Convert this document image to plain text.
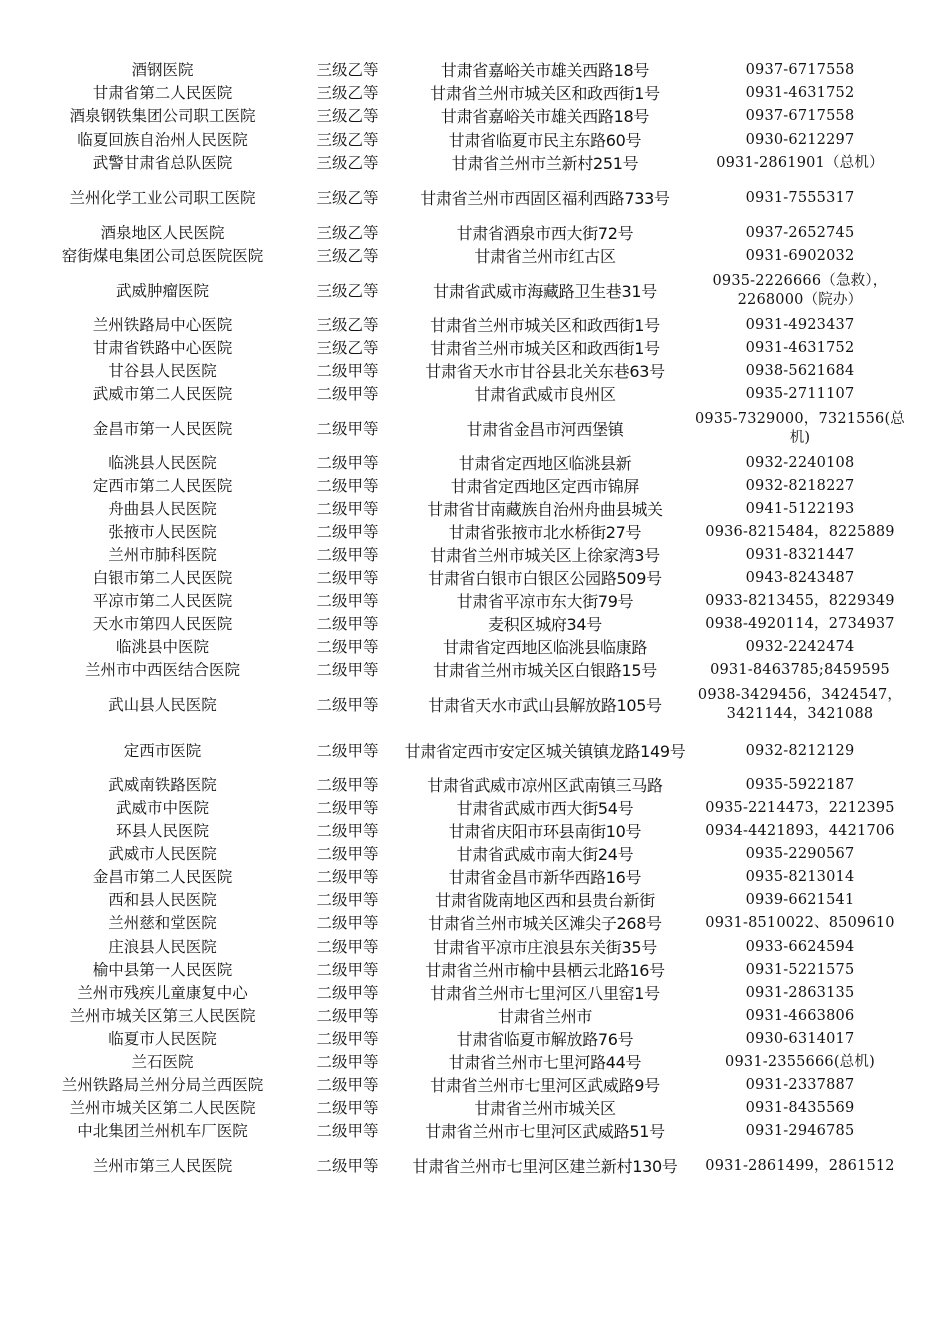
酒钢医院	三级乙等	甘肃省嘉峪关市雄关西路18号	0937-6717558
甘肃省第二人民医院	三级乙等	甘肃省兰州市城关区和政西街1号	0931-4631752
酒泉钢铁集团公司职工医院	三级乙等	甘肃省嘉峪关市雄关西路18号	0937-6717558
临夏回族自治州人民医院	三级乙等	甘肃省临夏市民主东路60号	0930-6212297
武警甘肃省总队医院	三级乙等	甘肃省兰州市兰新村251号	0931-2861901（总机）
兰州化学工业公司职工医院	三级乙等	甘肃省兰州市西固区福利西路733号	0931-7555317
酒泉地区人民医院	三级乙等	甘肃省酒泉市西大街72号	0937-2652745
窑街煤电集团公司总医院医院	三级乙等	甘肃省兰州市红古区	0931-6902032
武威肿瘤医院	三级乙等	甘肃省武威市海藏路卫生巷31号	0935-2226666（急救），2268000（院办）
兰州铁路局中心医院	三级乙等	甘肃省兰州市城关区和政西街1号	0931-4923437
甘肃省铁路中心医院	三级乙等	甘肃省兰州市城关区和政西街1号	0931-4631752
甘谷县人民医院	二级甲等	甘肃省天水市甘谷县北关东巷63号	0938-5621684
武威市第二人民医院	二级甲等	甘肃省武威市良州区	0935-2711107
金昌市第一人民医院	二级甲等	甘肃省金昌市河西堡镇	0935-7329000，7321556(总机)
临洮县人民医院	二级甲等	甘肃省定西地区临洮县新	0932-2240108
定西市第二人民医院	二级甲等	甘肃省定西地区定西市锦屏	0932-8218227
舟曲县人民医院	二级甲等	甘肃省甘南藏族自治州舟曲县城关	0941-5122193
张掖市人民医院	二级甲等	甘肃省张掖市北水桥街27号	0936-8215484，8225889
兰州市肺科医院	二级甲等	甘肃省兰州市城关区上徐家湾3号	0931-8321447
白银市第二人民医院	二级甲等	甘肃省白银市白银区公园路509号	0943-8243487
平凉市第二人民医院	二级甲等	甘肃省平凉市东大街79号	0933-8213455，8229349
天水市第四人民医院	二级甲等	麦积区城府34号	0938-4920114，2734937
临洮县中医院	二级甲等	甘肃省定西地区临洮县临康路	0932-2242474
兰州市中西医结合医院	二级甲等	甘肃省兰州市城关区白银路15号	0931-8463785;8459595
武山县人民医院	二级甲等	甘肃省天水市武山县解放路105号	0938-3429456，3424547，3421144，3421088
定西市医院	二级甲等	甘肃省定西市安定区城关镇镇龙路149号	0932-8212129
武威南铁路医院	二级甲等	甘肃省武威市凉州区武南镇三马路	0935-5922187
武威市中医院	二级甲等	甘肃省武威市西大街54号	0935-2214473，2212395
环县人民医院	二级甲等	甘肃省庆阳市环县南街10号	0934-4421893，4421706
武威市人民医院	二级甲等	甘肃省武威市南大街24号	0935-2290567
金昌市第二人民医院	二级甲等	甘肃省金昌市新华西路16号	0935-8213014
西和县人民医院	二级甲等	甘肃省陇南地区西和县贵台新街	0939-6621541
兰州慈和堂医院	二级甲等	甘肃省兰州市城关区滩尖子268号	0931-8510022、8509610
庄浪县人民医院	二级甲等	甘肃省平凉市庄浪县东关街35号	0933-6624594
榆中县第一人民医院	二级甲等	甘肃省兰州市榆中县栖云北路16号	0931-5221575
兰州市残疾儿童康复中心	二级甲等	甘肃省兰州市七里河区八里窑1号	0931-2863135
兰州市城关区第三人民医院	二级甲等	甘肃省兰州市	0931-4663806
临夏市人民医院	二级甲等	甘肃省临夏市解放路76号	0930-6314017
兰石医院	二级甲等	甘肃省兰州市七里河路44号	0931-2355666(总机)
兰州铁路局兰州分局兰西医院	二级甲等	甘肃省兰州市七里河区武威路9号	0931-2337887
兰州市城关区第二人民医院	二级甲等	甘肃省兰州市城关区	0931-8435569
中北集团兰州机车厂医院	二级甲等	甘肃省兰州市七里河区武威路51号	0931-2946785
兰州市第三人民医院	二级甲等	甘肃省兰州市七里河区建兰新村130号	0931-2861499，2861512
